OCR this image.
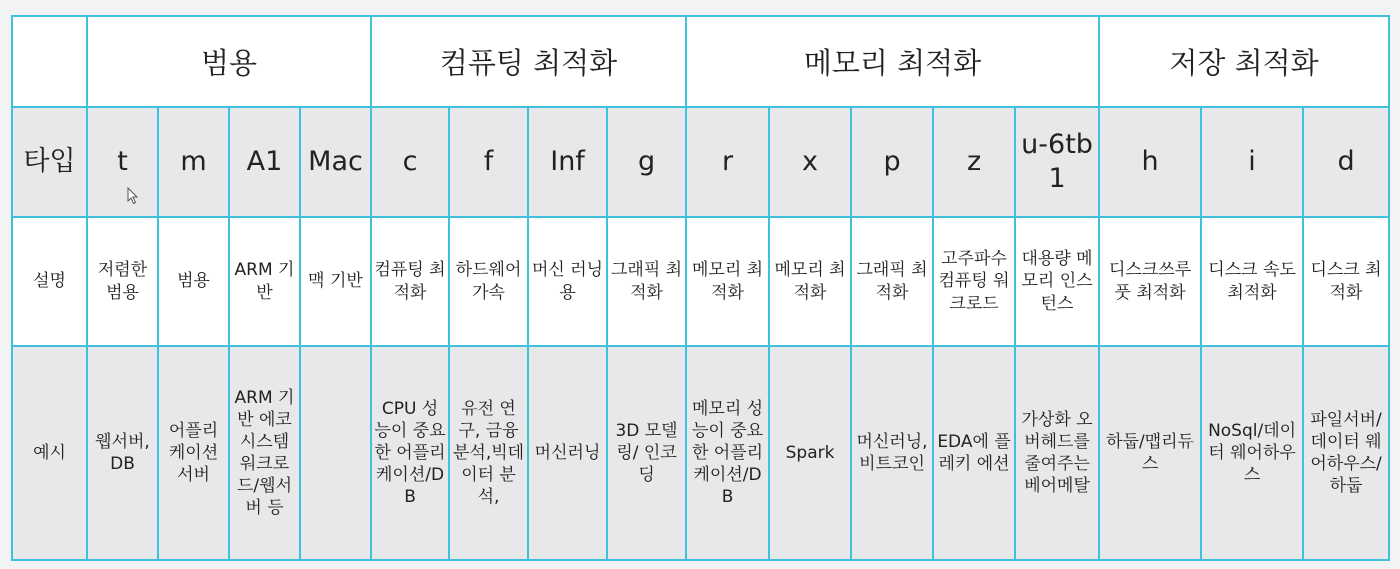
	범용				컴퓨팅 최적화				메모리 최적화					저장 최적화		
타입	t	m	A1	Mac	c	f	Inf	g	r	x	p	z	u-6tb1	h	i	d
설명	저렴한 범용	범용	ARM 기반	맥 기반	컴퓨팅 최적화	하드웨어 가속	머신 러닝용	그래픽 최적화	메모리 최적화	메모리 최적화	그래픽 최적화	고주파수 컴퓨팅 워크로드	대용량 메모리 인스턴스	디스크쓰루풋 최적화	디스크 속도 최적화	디스크 최적화
예시	웹서버,DB	어플리케이션서버	ARM 기반 에코 시스템 워크로드/웹서버 등		CPU 성능이 중요한 어플리케이션/DB	유전 연구, 금융분석,빅데이터 분석,	머신러닝	3D 모델링/ 인코딩	메모리 성능이 중요한 어플리케이션/DB	Spark	머신러닝,비트코인	EDA에 플레키 에션	가상화 오버헤드를 줄여주는 베어메탈	하둡/맵리듀스	NoSql/데이터 웨어하우스	파일서버/데이터 웨어하우스/하둡
